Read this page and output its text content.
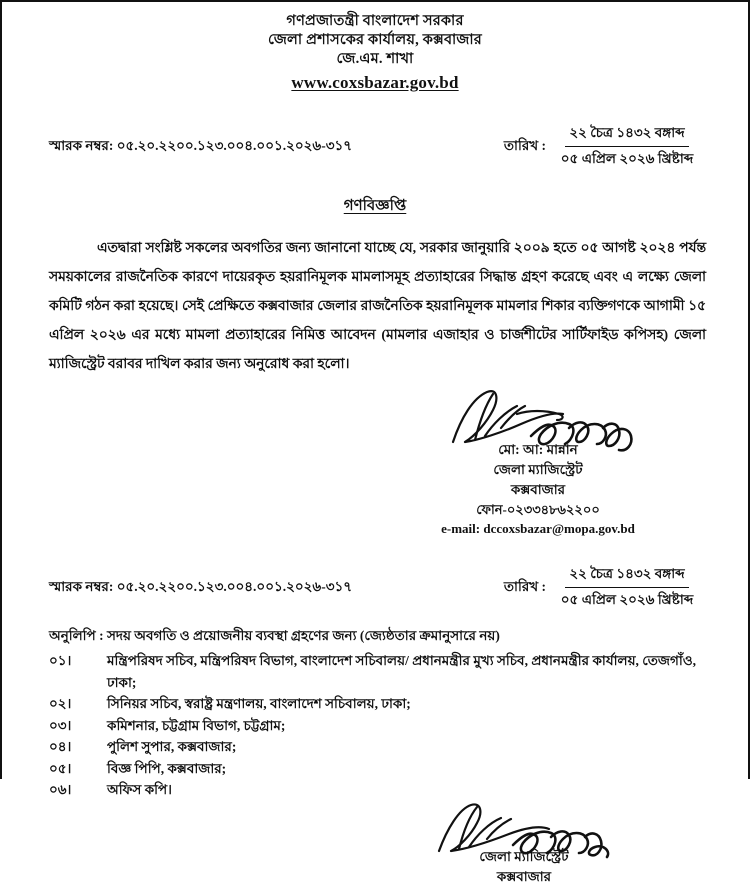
গণপ্রজাতন্ত্রী বাংলাদেশ সরকার
জেলা প্রশাসকের কার্যালয়, কক্সবাজার
জে.এম. শাখা
www.coxsbazar.gov.bd
স্মারক নম্বর: ০৫.২০.২২০০.১২৩.০০৪.০০১.২০২৬-৩১৭	তারিখ :
২২ চৈত্র ১৪৩২ বঙ্গাব্দ
০৫ এপ্রিল ২০২৬ খ্রিষ্টাব্দ
গণবিজ্ঞপ্তি
এতদ্বারা সংশ্লিষ্ট সকলের অবগতির জন্য জানানো যাচ্ছে যে, সরকার জানুয়ারি ২০০৯ হতে ০৫ আগষ্ট ২০২৪ পর্যন্ত সময়কালের রাজনৈতিক কারণে দায়েরকৃত হয়রানিমূলক মামলাসমূহ প্রত্যাহারের সিদ্ধান্ত গ্রহণ করেছে এবং এ লক্ষ্যে জেলা কমিটি গঠন করা হয়েছে। সেই প্রেক্ষিতে কক্সবাজার জেলার রাজনৈতিক হয়রানিমূলক মামলার শিকার ব্যক্তিগণকে আগামী ১৫ এপ্রিল ২০২৬ এর মধ্যে মামলা প্রত্যাহারের নিমিত্ত আবেদন (মামলার এজাহার ও চার্জশীটের সার্টিফাইড কপিসহ) জেলা ম্যাজিস্ট্রেট বরাবর দাখিল করার জন্য অনুরোধ করা হলো।
মো: আ: মান্নান
জেলা ম্যাজিস্ট্রেট
কক্সবাজার
ফোন-০২৩৩৪৮৬২২০০
e-mail: dccoxsbazar@mopa.gov.bd
স্মারক নম্বর: ০৫.২০.২২০০.১২৩.০০৪.০০১.২০২৬-৩১৭	তারিখ :
২২ চৈত্র ১৪৩২ বঙ্গাব্দ
০৫ এপ্রিল ২০২৬ খ্রিষ্টাব্দ
অনুলিপি : সদয় অবগতি ও প্রয়োজনীয় ব্যবস্থা গ্রহণের জন্য (জ্যেষ্ঠতার ক্রমানুসারে নয়)
০১।	মন্ত্রিপরিষদ সচিব, মন্ত্রিপরিষদ বিভাগ, বাংলাদেশ সচিবালয়/ প্রধানমন্ত্রীর মুখ্য সচিব, প্রধানমন্ত্রীর কার্যালয়, তেজগাঁও, ঢাকা;
০২।	সিনিয়র সচিব, স্বরাষ্ট্র মন্ত্রণালয়, বাংলাদেশ সচিবালয়, ঢাকা;
০৩।	কমিশনার, চট্টগ্রাম বিভাগ, চট্টগ্রাম;
০৪।	পুলিশ সুপার, কক্সবাজার;
০৫।	বিজ্ঞ পিপি, কক্সবাজার;
০৬।	অফিস কপি।
জেলা ম্যাজিস্ট্রেট
কক্সবাজার
